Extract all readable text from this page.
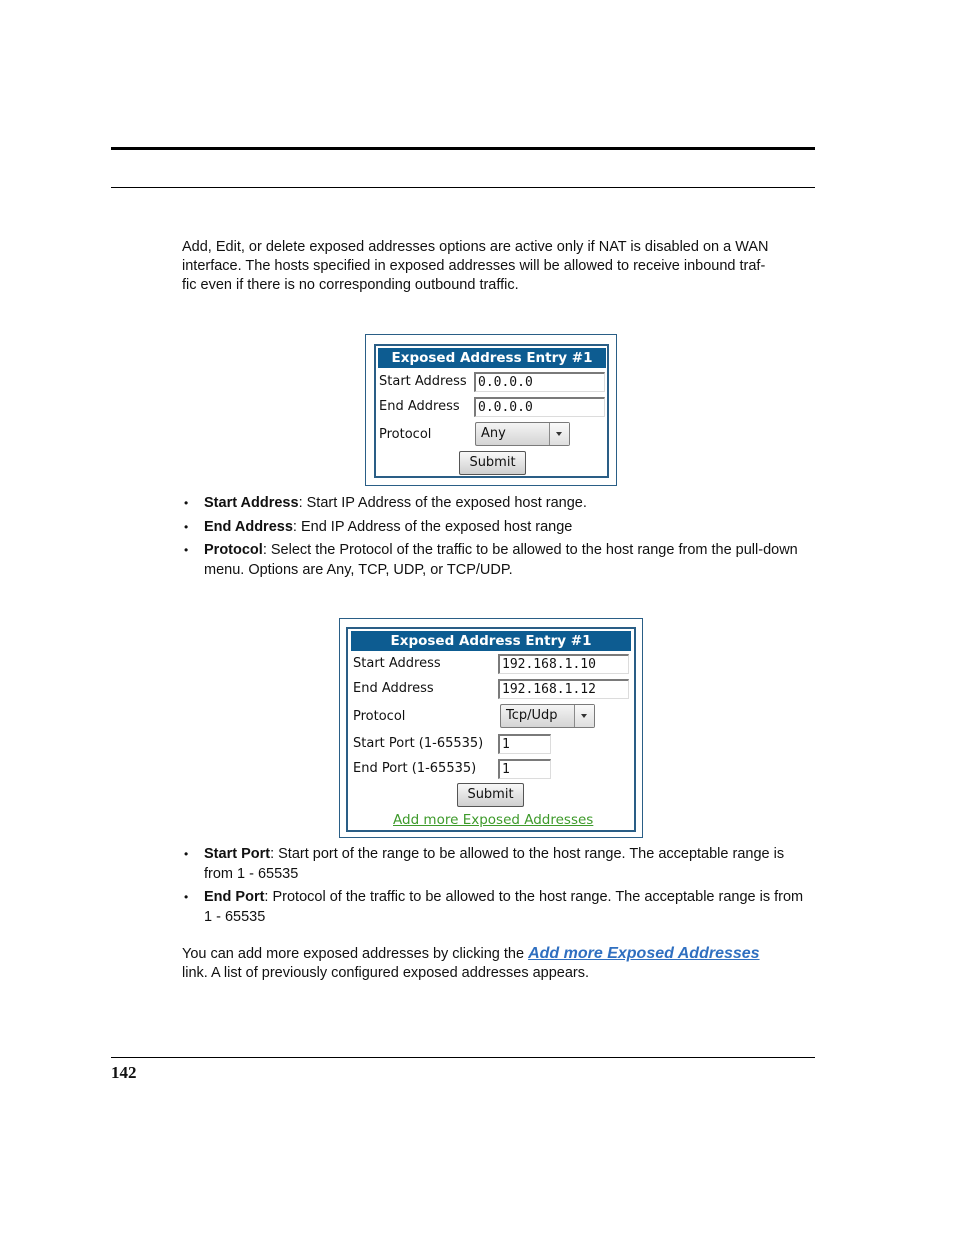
Add, Edit, or delete exposed addresses options are active only if NAT is disabled on a WAN
interface. The hosts specified in exposed addresses will be allowed to receive inbound traf-
fic even if there is no corresponding outbound traffic.
Exposed Address Entry #1
Start Address 0.0.0.0
End Address	0.0.0.0
Protocol	Any
Submit
• Start Address: Start IP Address of the exposed host range.
• End Address: End IP Address of the exposed host range
• Protocol: Select the Protocol of the traffic to be allowed to the host range from the pull-down menu. Options are Any, TCP, UDP, or TCP/UDP.
Exposed Address Entry #1
Start Address	192.168.1.10
End Address	192.168.1.12
Protocol	Tcp/Udp
Start Port (1-65535)	1
End Port (1-65535)	1
Submit
Add more Exposed Addresses
• Start Port: Start port of the range to be allowed to the host range. The acceptable range is from 1 - 65535
• End Port: Protocol of the traffic to be allowed to the host range. The acceptable range is from 1 - 65535
You can add more exposed addresses by clicking the Add more Exposed Addresses
link. A list of previously configured exposed addresses appears.
142
